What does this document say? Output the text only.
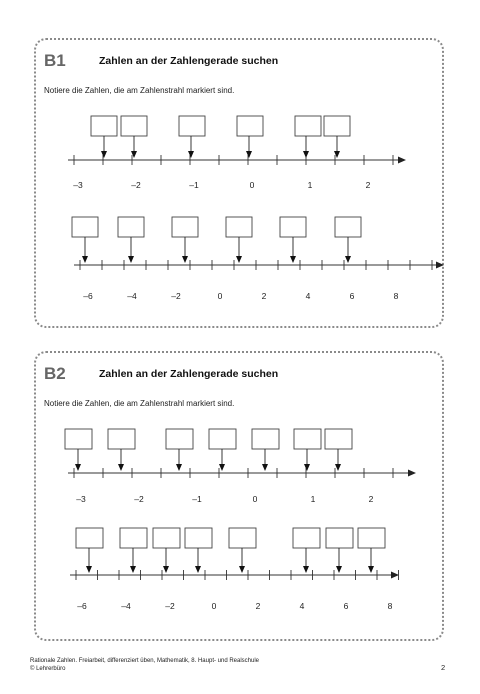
B1	Zahlen an der Zahlengerade suchen
Notiere die Zahlen, die am Zahlenstrahl markiert sind.
–3	–2	–1	0	1	2
–6	–4	–2	0	2	4	6	8
B2	Zahlen an der Zahlengerade suchen
Notiere die Zahlen, die am Zahlenstrahl markiert sind.
–3	–2	–1	0	1	2
–6	–4	–2	0	2	4	6	8
Rationale Zahlen. Freiarbeit, differenziert üben, Mathematik, 8. Haupt- und Realschule
© Lehrerbüro	2
